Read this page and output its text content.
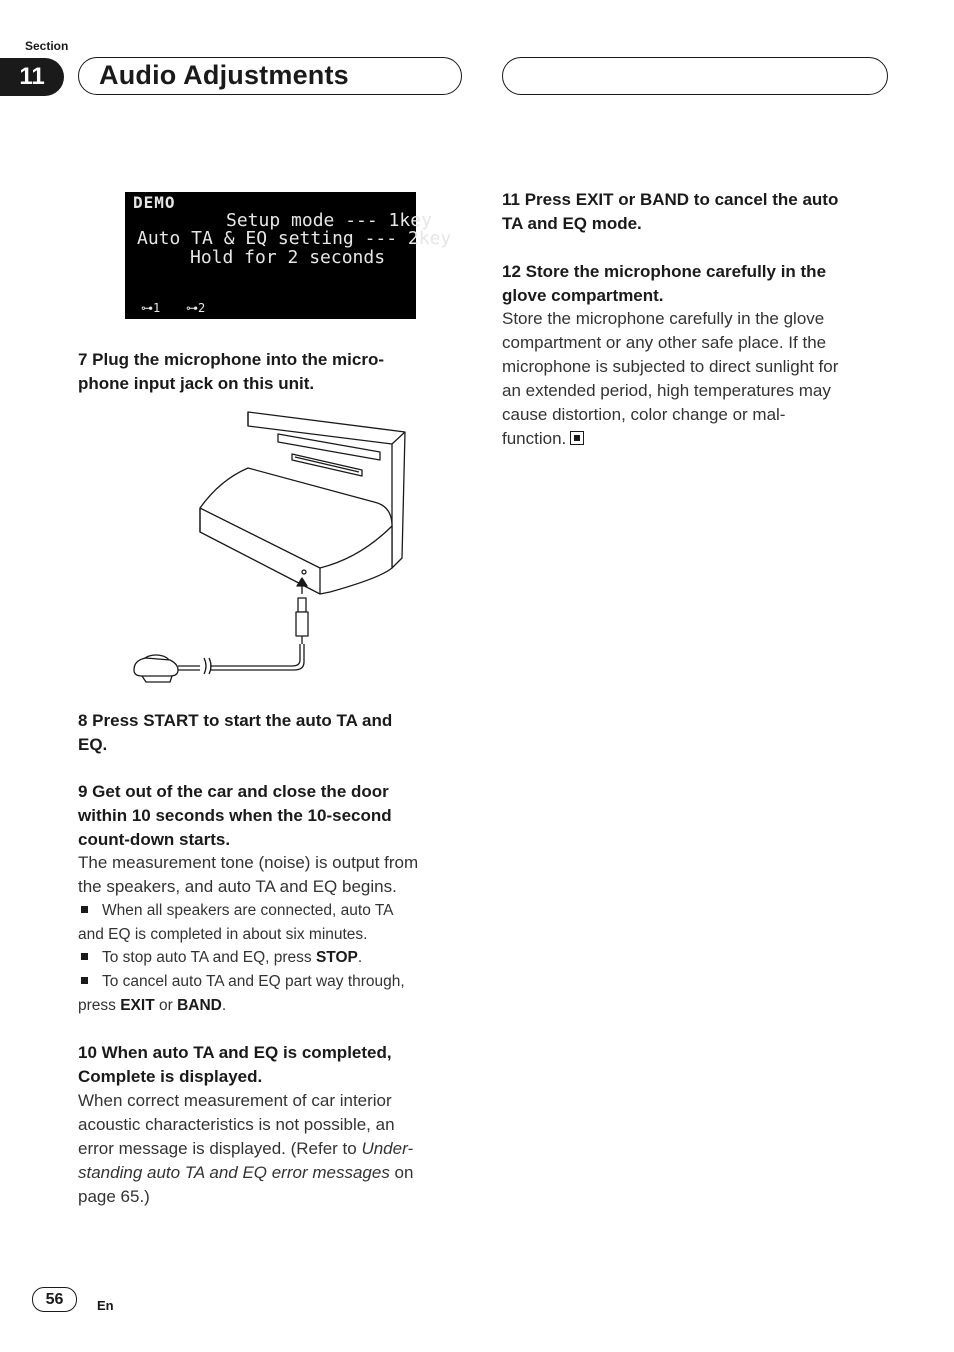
Section
11	Audio Adjustments
DEMO
Setup mode --- 1key
Auto TA & EQ setting --- 2key
Hold for 2 seconds
⊶1 ⊶2

7 Plug the microphone into the micro-
phone input jack on this unit.

8 Press START to start the auto TA and
EQ.

9 Get out of the car and close the door
within 10 seconds when the 10-second
count-down starts.

The measurement tone (noise) is output from
the speakers, and auto TA and EQ begins.

When all speakers are connected, auto TA
and EQ is completed in about six minutes.

To stop auto TA and EQ, press STOP.

To cancel auto TA and EQ part way through,
press EXIT or BAND.

10 When auto TA and EQ is completed,
Complete is displayed.

When correct measurement of car interior
acoustic characteristics is not possible, an
error message is displayed. (Refer to Under-
standing auto TA and EQ error messages on
page 65.)

11 Press EXIT or BAND to cancel the auto
TA and EQ mode.

12 Store the microphone carefully in the
glove compartment.

Store the microphone carefully in the glove
compartment or any other safe place. If the
microphone is subjected to direct sunlight for
an extended period, high temperatures may
cause distortion, color change or mal-
function.

56	En
